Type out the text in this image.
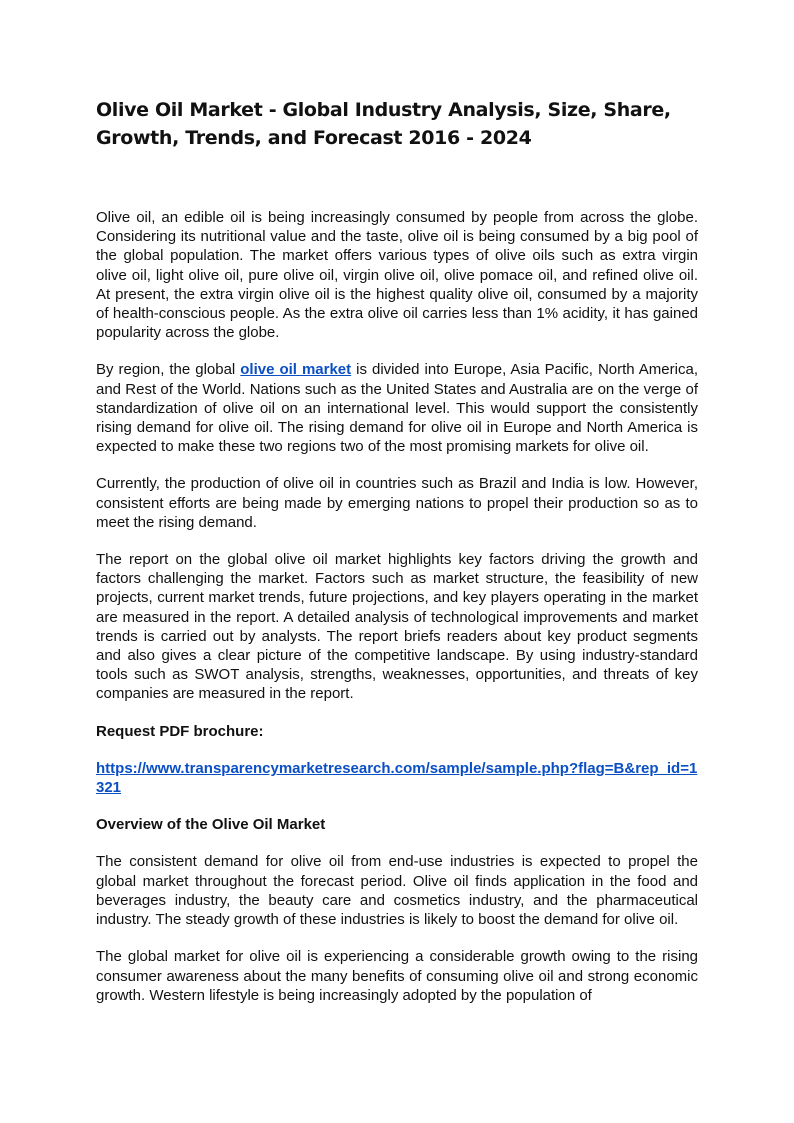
Olive Oil Market - Global Industry Analysis, Size, Share, Growth, Trends, and Forecast 2016 - 2024

Olive oil, an edible oil is being increasingly consumed by people from across the globe. Considering its nutritional value and the taste, olive oil is being consumed by a big pool of the global population. The market offers various types of olive oils such as extra virgin olive oil, light olive oil, pure olive oil, virgin olive oil, olive pomace oil, and refined olive oil. At present, the extra virgin olive oil is the highest quality olive oil, consumed by a majority of health-conscious people. As the extra olive oil carries less than 1% acidity, it has gained popularity across the globe.

By region, the global olive oil market is divided into Europe, Asia Pacific, North America, and Rest of the World. Nations such as the United States and Australia are on the verge of standardization of olive oil on an international level. This would support the consistently rising demand for olive oil. The rising demand for olive oil in Europe and North America is expected to make these two regions two of the most promising markets for olive oil.

Currently, the production of olive oil in countries such as Brazil and India is low. However, consistent efforts are being made by emerging nations to propel their production so as to meet the rising demand.

The report on the global olive oil market highlights key factors driving the growth and factors challenging the market. Factors such as market structure, the feasibility of new projects, current market trends, future projections, and key players operating in the market are measured in the report. A detailed analysis of technological improvements and market trends is carried out by analysts. The report briefs readers about key product segments and also gives a clear picture of the competitive landscape. By using industry-standard tools such as SWOT analysis, strengths, weaknesses, opportunities, and threats of key companies are measured in the report.

Request PDF brochure:

https://www.transparencymarketresearch.com/sample/sample.php?flag=B&rep_id=1321

Overview of the Olive Oil Market

The consistent demand for olive oil from end-use industries is expected to propel the global market throughout the forecast period. Olive oil finds application in the food and beverages industry, the beauty care and cosmetics industry, and the pharmaceutical industry. The steady growth of these industries is likely to boost the demand for olive oil.

The global market for olive oil is experiencing a considerable growth owing to the rising consumer awareness about the many benefits of consuming olive oil and strong economic growth. Western lifestyle is being increasingly adopted by the population of
